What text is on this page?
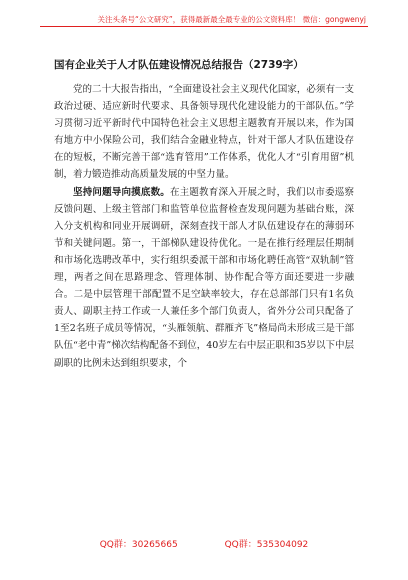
关注头条号“公文研究”，获得最新最全最专业的公文资料库！ 微信：gongwenyj
国有企业关于人才队伍建设情况总结报告（2739字）

党的二十大报告指出，“全面建设社会主义现代化国家，必须有一支政治过硬、适应新时代要求、具备领导现代化建设能力的干部队伍。”学习贯彻习近平新时代中国特色社会主义思想主题教育开展以来，作为国有地方中小保险公司，我们结合金融业特点，针对干部人才队伍建设存在的短板，不断完善干部“选育管用”工作体系，优化人才“引育用留”机制，着力锻造推动高质量发展的中坚力量。

坚持问题导向摸底数。在主题教育深入开展之时，我们以市委巡察反馈问题、上级主管部门和监管单位监督检查发现问题为基础台账，深入分支机构和同业开展调研，深刻查找干部人才队伍建设存在的薄弱环节和关键问题。第一，干部梯队建设待优化。一是在推行经理层任期制和市场化选聘改革中，实行组织委派干部和市场化聘任高管“双轨制”管理，两者之间在思路理念、管理体制、协作配合等方面还要进一步融合。二是中层管理干部配置不足空缺率较大，存在总部部门只有1名负责人、副职主持工作或一人兼任多个部门负责人，省外分公司只配备了1至2名班子成员等情况，“头雁领航、群雁齐飞”格局尚未形成三是干部队伍“老中青”梯次结构配备不到位，40岁左右中层正职和35岁以下中层副职的比例未达到组织要求，个

QQ群：30265665	QQ群：535304092
